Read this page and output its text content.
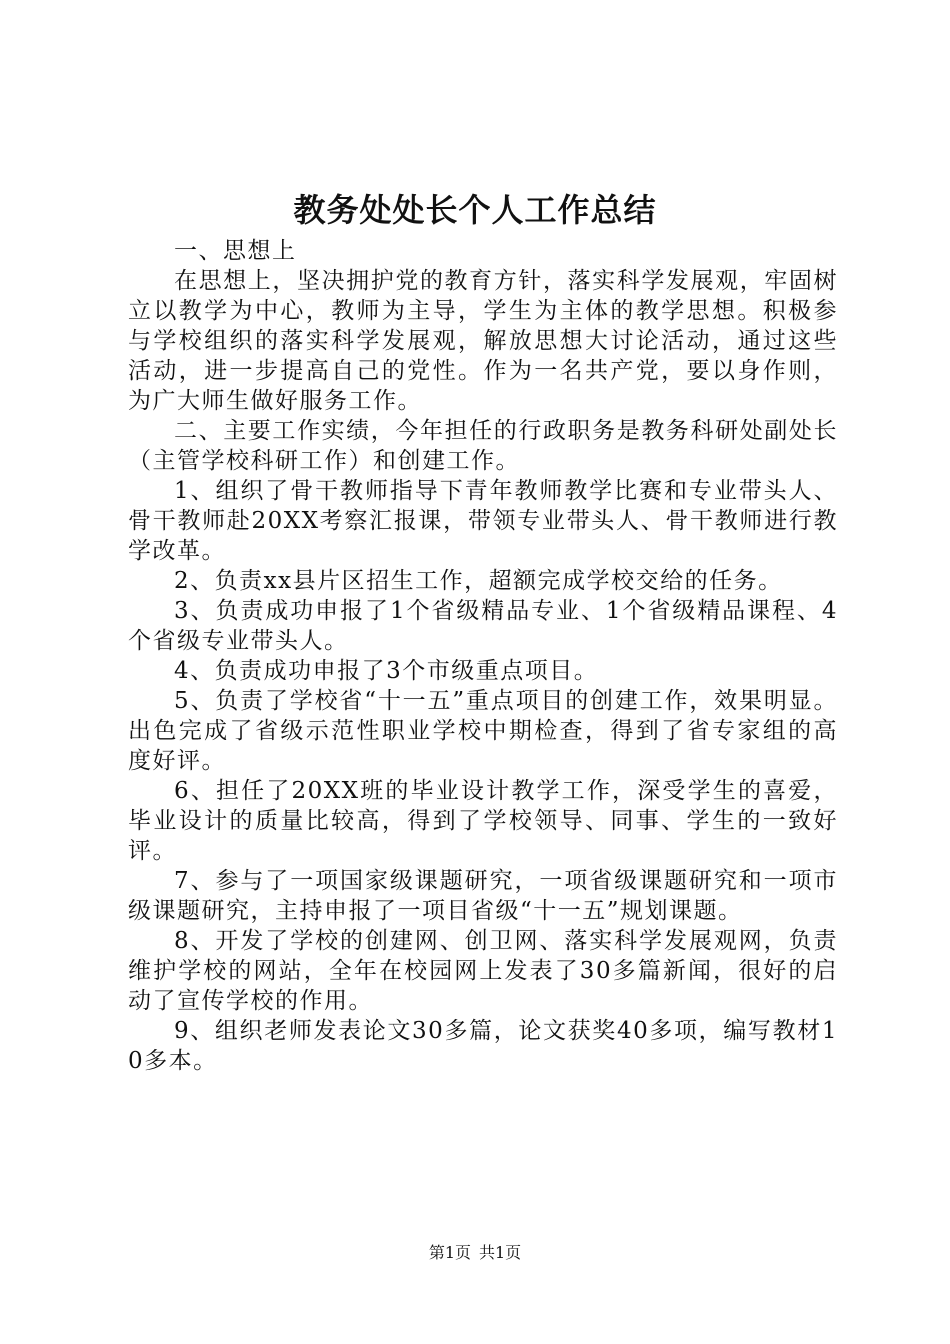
教务处处长个人工作总结

一、思想上

在思想上，坚决拥护党的教育方针，落实科学发展观，牢固树立以教学为中心，教师为主导，学生为主体的教学思想。积极参与学校组织的落实科学发展观，解放思想大讨论活动，通过这些活动，进一步提高自己的党性。作为一名共产党，要以身作则，为广大师生做好服务工作。

二、主要工作实绩，今年担任的行政职务是教务科研处副处长（主管学校科研工作）和创建工作。

1、组织了骨干教师指导下青年教师教学比赛和专业带头人、骨干教师赴20XX考察汇报课，带领专业带头人、骨干教师进行教学改革。

2、负责xx县片区招生工作，超额完成学校交给的任务。

3、负责成功申报了1个省级精品专业、1个省级精品课程、4个省级专业带头人。

4、负责成功申报了3个市级重点项目。

5、负责了学校省“十一五”重点项目的创建工作，效果明显。出色完成了省级示范性职业学校中期检查，得到了省专家组的高度好评。

6、担任了20XX班的毕业设计教学工作，深受学生的喜爱，毕业设计的质量比较高，得到了学校领导、同事、学生的一致好评。

7、参与了一项国家级课题研究，一项省级课题研究和一项市级课题研究，主持申报了一项目省级“十一五”规划课题。

8、开发了学校的创建网、创卫网、落实科学发展观网，负责维护学校的网站，全年在校园网上发表了30多篇新闻，很好的启动了宣传学校的作用。

9、组织老师发表论文30多篇，论文获奖40多项，编写教材10多本。

第1页 共1页
